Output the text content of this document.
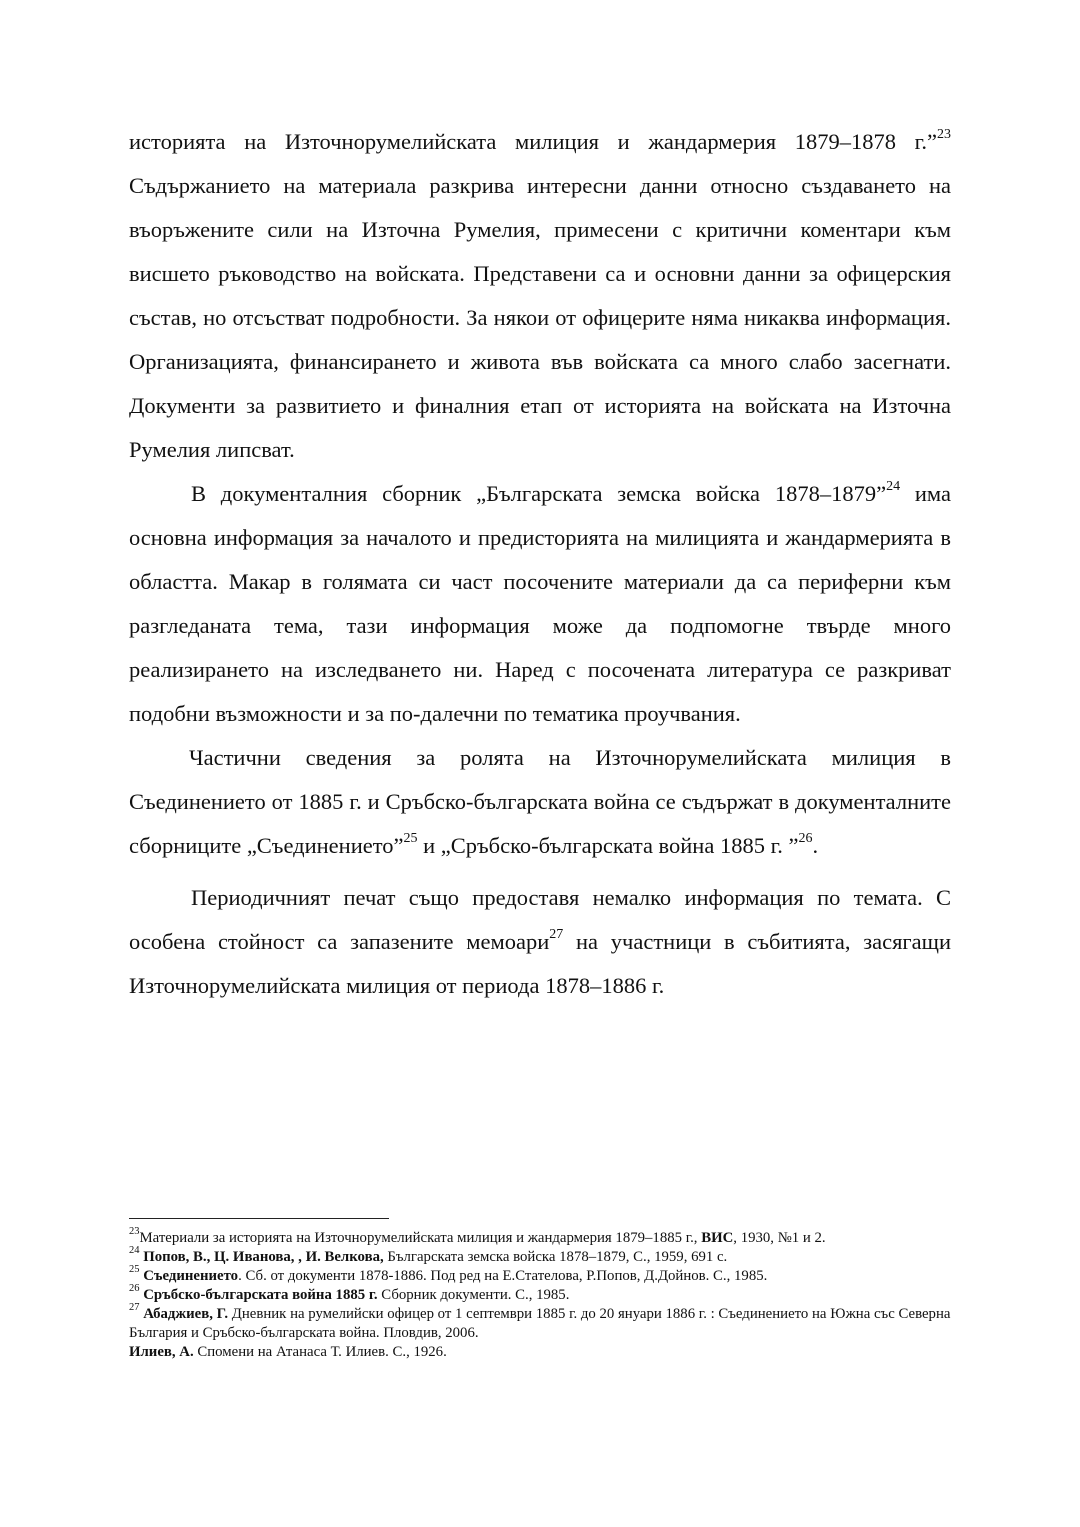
историята на Източнорумелийската милиция и жандармерия 1879–1878 г.”$^{23}$ Съдържанието на материала разкрива интересни данни относно създаването на въоръжените сили на Източна Румелия, примесени с критични коментари към висшето ръководство на войската. Представени са и основни данни за офицерския състав, но отсъстват подробности. За някои от офицерите няма никаква информация. Организацията, финансирането и живота във войската са много слабо засегнати. Документи за развитието и финалния етап от историята на войската на Източна Румелия липсват.

В документалния сборник „Българската земска войска 1878–1879”$^{24}$ има основна информация за началото и предисторията на милицията и жандармерията в областта. Макар в голямата си част посочените материали да са периферни към разгледаната тема, тази информация може да подпомогне твърде много реализирането на изследването ни. Наред с посочената литература се разкриват подобни възможности и за по-далечни по тематика проучвания.

Частични сведения за ролята на Източнорумелийската милиция в Съединението от 1885 г. и Сръбско-българската война се съдържат в документалните сборниците „Съединението”$^{25}$ и „Сръбско-българската война 1885 г. ”$^{26}$.

Периодичният печат също предоставя немалко информация по темата. С особена стойност са запазените мемоари$^{27}$ на участници в събитията, засягащи Източнорумелийската милиция от периода 1878–1886 г.

$^{23}$Материали за историята на Източнорумелийската милиция и жандармерия 1879–1885 г., ВИС, 1930, №1 и 2.

$^{24}$ Попов, В., Ц. Иванова, , И. Велкова, Българската земска войска 1878–1879, С., 1959, 691 с.

$^{25}$ Съединението. Сб. от документи 1878-1886. Под ред на Е.Стателова, Р.Попов, Д.Дойнов. С., 1985.

$^{26}$ Сръбско-българската война 1885 г. Сборник документи. С., 1985.

$^{27}$ Абаджиев, Г. Дневник на румелийски офицер от 1 септември 1885 г. до 20 януари 1886 г. : Съединението на Южна със Северна България и Сръбско-българската война. Пловдив, 2006.

Илиев, А. Спомени на Атанаса Т. Илиев. С., 1926.
